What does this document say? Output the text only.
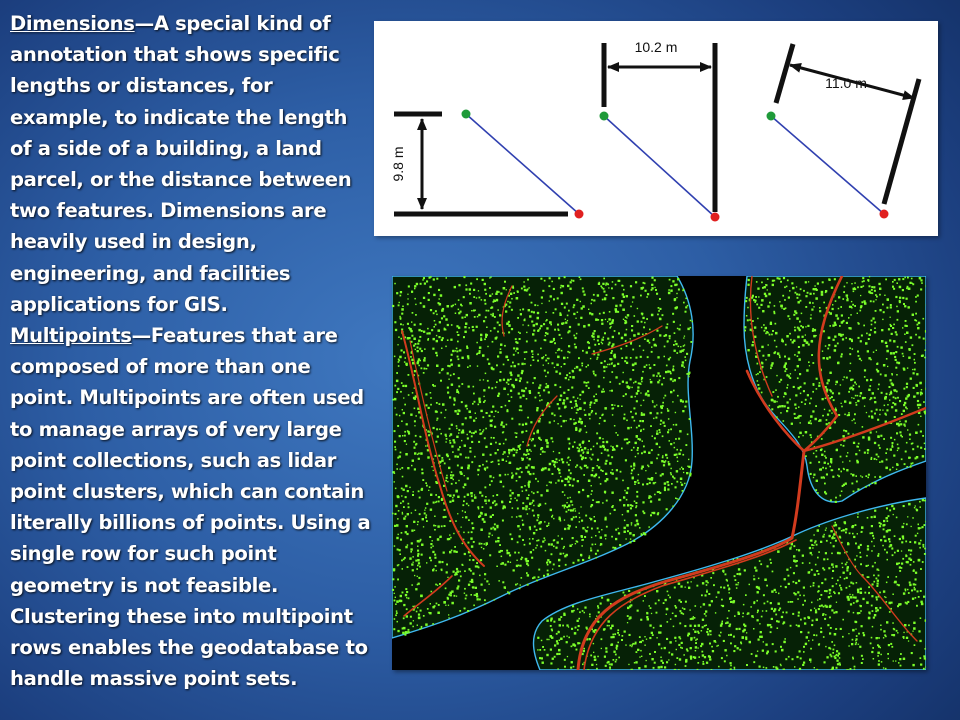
Dimensions—A special kind of annotation that shows specific lengths or distances, for example, to indicate the length of a side of a building, a land parcel, or the distance between two features. Dimensions are heavily used in design, engineering, and facilities applications for GIS.

Multipoints—Features that are composed of more than one point. Multipoints are often used to manage arrays of very large point collections, such as lidar point clusters, which can contain literally billions of points. Using a single row for such point geometry is not feasible. Clustering these into multipoint rows enables the geodatabase to handle massive point sets.

9.8 m
10.2 m
11.0 m
